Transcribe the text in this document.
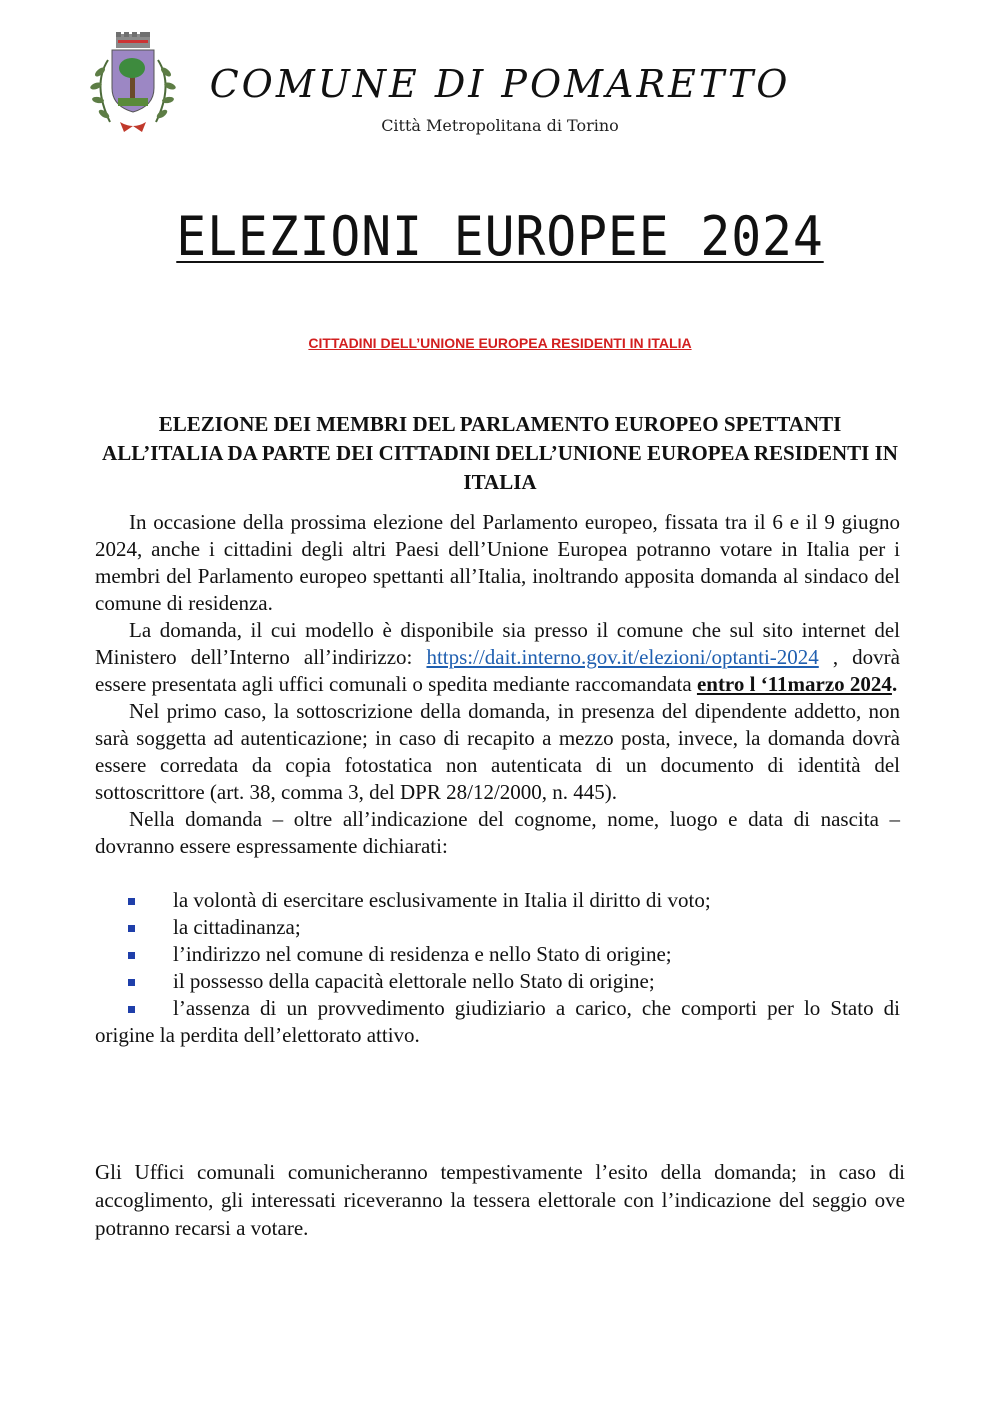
COMUNE DI POMARETTO
Città Metropolitana di Torino
ELEZIONI EUROPEE 2024
CITTADINI DELL’UNIONE EUROPEA RESIDENTI IN ITALIA
ELEZIONE DEI MEMBRI DEL PARLAMENTO EUROPEO SPETTANTI ALL’ITALIA DA PARTE DEI CITTADINI DELL’UNIONE EUROPEA RESIDENTI IN ITALIA

In occasione della prossima elezione del Parlamento europeo, fissata tra il 6 e il 9 giugno 2024, anche i cittadini degli altri Paesi dell’Unione Europea potranno votare in Italia per i membri del Parlamento europeo spettanti all’Italia, inoltrando apposita domanda al sindaco del comune di residenza.

La domanda, il cui modello è disponibile sia presso il comune che sul sito internet del Ministero dell’Interno all’indirizzo: https://dait.interno.gov.it/elezioni/optanti-2024 , dovrà essere presentata agli uffici comunali o spedita mediante raccomandata entro l ‘11marzo 2024.

Nel primo caso, la sottoscrizione della domanda, in presenza del dipendente addetto, non sarà soggetta ad autenticazione; in caso di recapito a mezzo posta, invece, la domanda dovrà essere corredata da copia fotostatica non autenticata di un documento di identità del sottoscrittore (art. 38, comma 3, del DPR 28/12/2000, n. 445).

Nella domanda – oltre all’indicazione del cognome, nome, luogo e data di nascita – dovranno essere espressamente dichiarati:

la volontà di esercitare esclusivamente in Italia il diritto di voto;
la cittadinanza;
l’indirizzo nel comune di residenza e nello Stato di origine;
il possesso della capacità elettorale nello Stato di origine;
l’assenza di un provvedimento giudiziario a carico, che comporti per lo Stato di origine la perdita dell’elettorato attivo.

Gli Uffici comunali comunicheranno tempestivamente l’esito della domanda; in caso di accoglimento, gli interessati riceveranno la tessera elettorale con l’indicazione del seggio ove potranno recarsi a votare.
